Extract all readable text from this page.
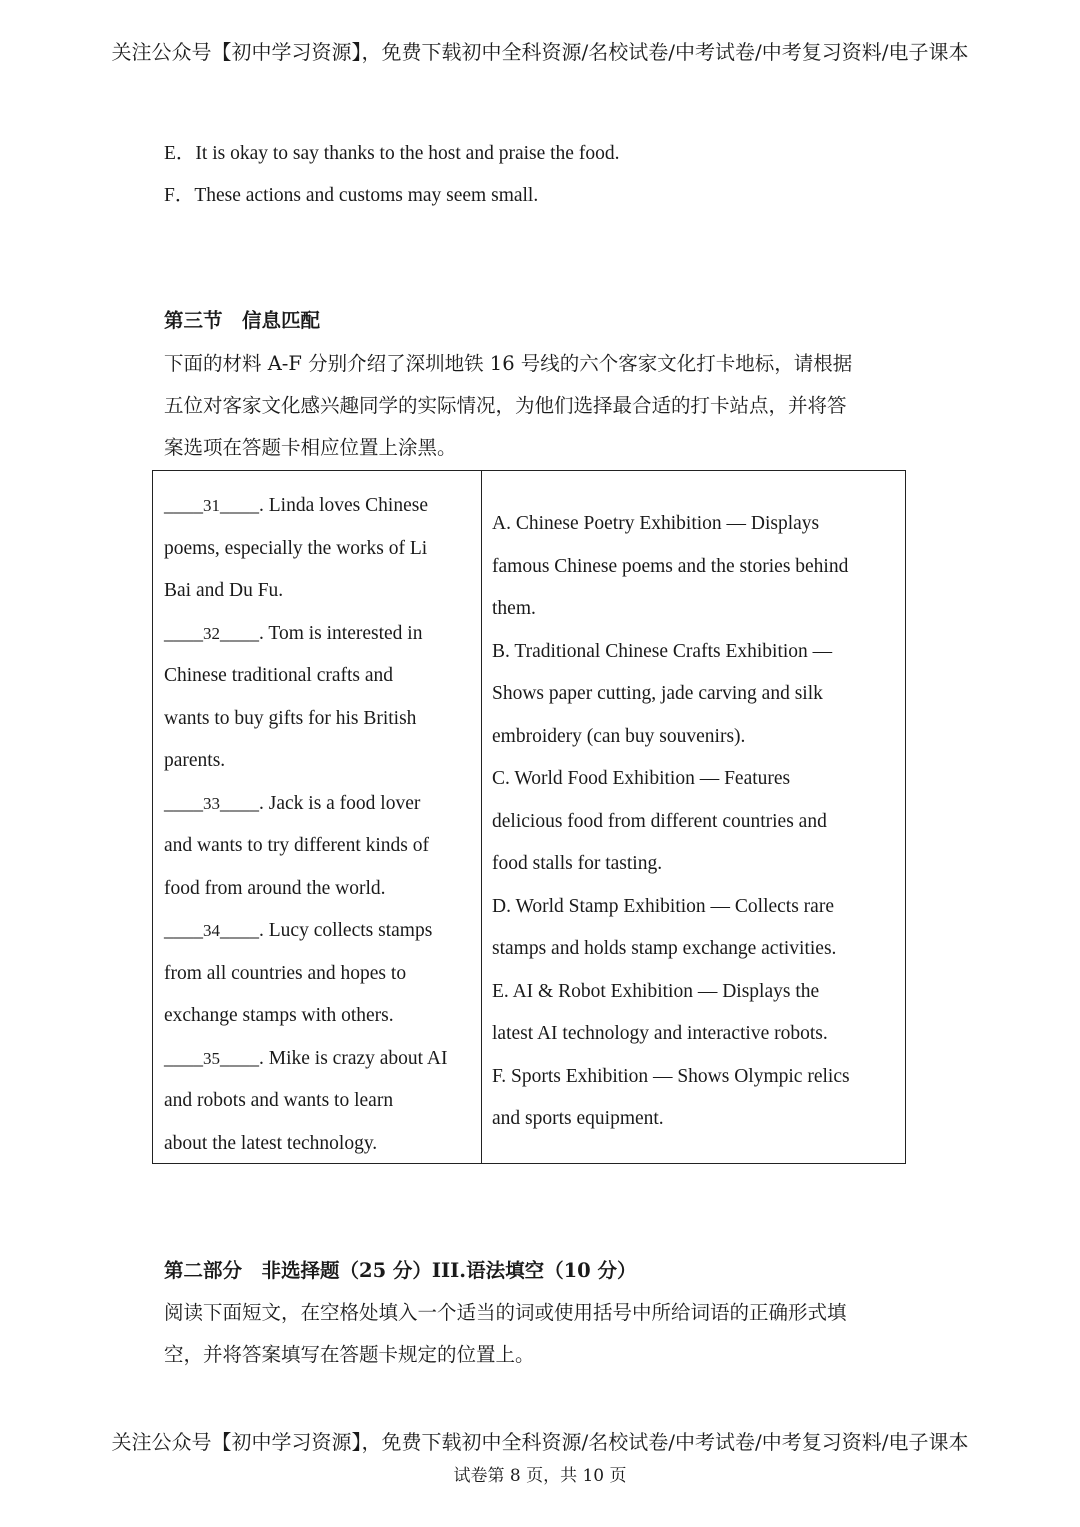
关注公众号【初中学习资源】，免费下载初中全科资源/名校试卷/中考试卷/中考复习资料/电子课本
E．It is okay to say thanks to the host and praise the food.
F．These actions and customs may seem small.
第三节　信息匹配
下面的材料 A-F 分别介绍了深圳地铁 16 号线的六个客家文化打卡地标，请根据
五位对客家文化感兴趣同学的实际情况，为他们选择最合适的打卡站点，并将答
案选项在答题卡相应位置上涂黑。
____31____. Linda loves Chinese
poems, especially the works of Li
Bai and Du Fu.
____32____. Tom is interested in
Chinese traditional crafts and
wants to buy gifts for his British
parents.
____33____. Jack is a food lover
and wants to try different kinds of
food from around the world.
____34____. Lucy collects stamps
from all countries and hopes to
exchange stamps with others.
____35____. Mike is crazy about AI
and robots and wants to learn
about the latest technology.
A. Chinese Poetry Exhibition — Displays
famous Chinese poems and the stories behind
them.
B. Traditional Chinese Crafts Exhibition —
Shows paper cutting, jade carving and silk
embroidery (can buy souvenirs).
C. World Food Exhibition — Features
delicious food from different countries and
food stalls for tasting.
D. World Stamp Exhibition — Collects rare
stamps and holds stamp exchange activities.
E. AI & Robot Exhibition — Displays the
latest AI technology and interactive robots.
F. Sports Exhibition — Shows Olympic relics
and sports equipment.
第二部分　非选择题（25 分）III.语法填空（10 分）
阅读下面短文，在空格处填入一个适当的词或使用括号中所给词语的正确形式填
空，并将答案填写在答题卡规定的位置上。
关注公众号【初中学习资源】，免费下载初中全科资源/名校试卷/中考试卷/中考复习资料/电子课本
试卷第 8 页，共 10 页
